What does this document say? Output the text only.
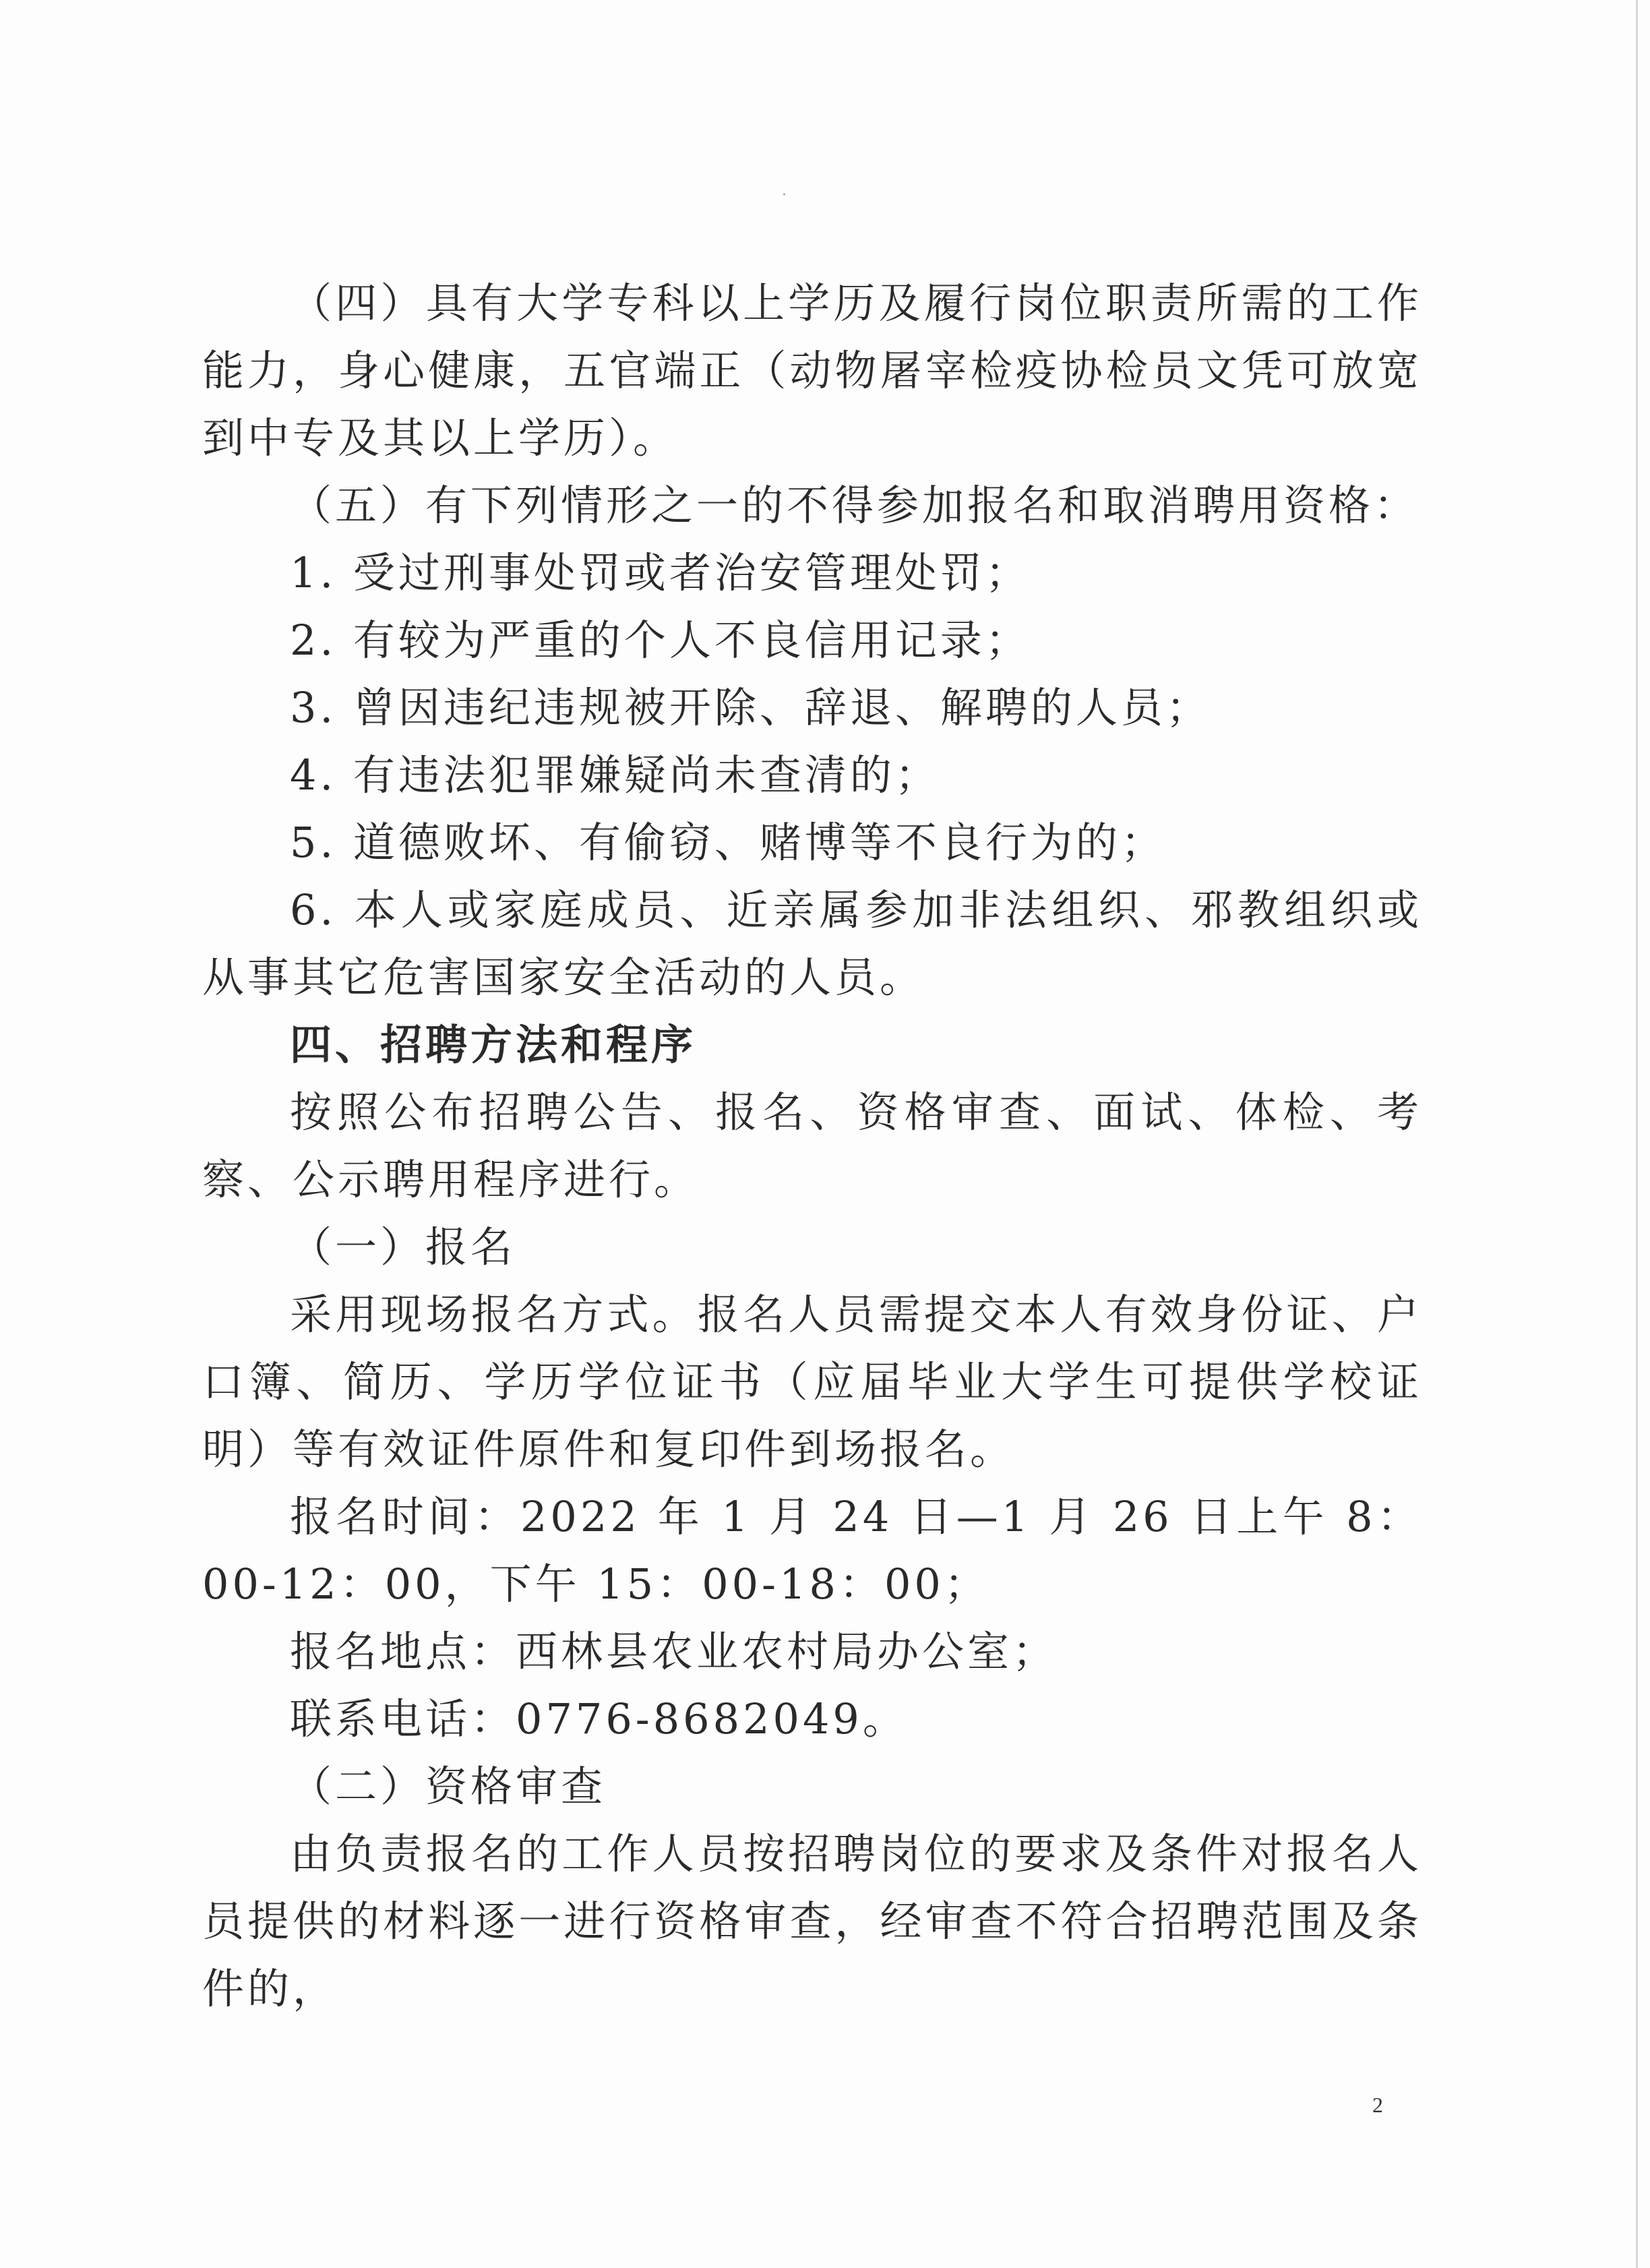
·

（四）具有大学专科以上学历及履行岗位职责所需的工作能力，身心健康，五官端正（动物屠宰检疫协检员文凭可放宽到中专及其以上学历）。

（五）有下列情形之一的不得参加报名和取消聘用资格：

1. 受过刑事处罚或者治安管理处罚；

2. 有较为严重的个人不良信用记录；

3. 曾因违纪违规被开除、辞退、解聘的人员；

4. 有违法犯罪嫌疑尚未查清的；

5. 道德败坏、有偷窃、赌博等不良行为的；

6. 本人或家庭成员、近亲属参加非法组织、邪教组织或从事其它危害国家安全活动的人员。

四、招聘方法和程序

按照公布招聘公告、报名、资格审查、面试、体检、考察、公示聘用程序进行。

（一）报名

采用现场报名方式。报名人员需提交本人有效身份证、户口簿、简历、学历学位证书（应届毕业大学生可提供学校证明）等有效证件原件和复印件到场报名。

报名时间：2022 年 1 月 24 日—1 月 26 日上午 8：00-12：00，下午 15：00-18：00；

报名地点：西林县农业农村局办公室；

联系电话：0776-8682049。

（二）资格审查

由负责报名的工作人员按招聘岗位的要求及条件对报名人员提供的材料逐一进行资格审查，经审查不符合招聘范围及条件的，

2
